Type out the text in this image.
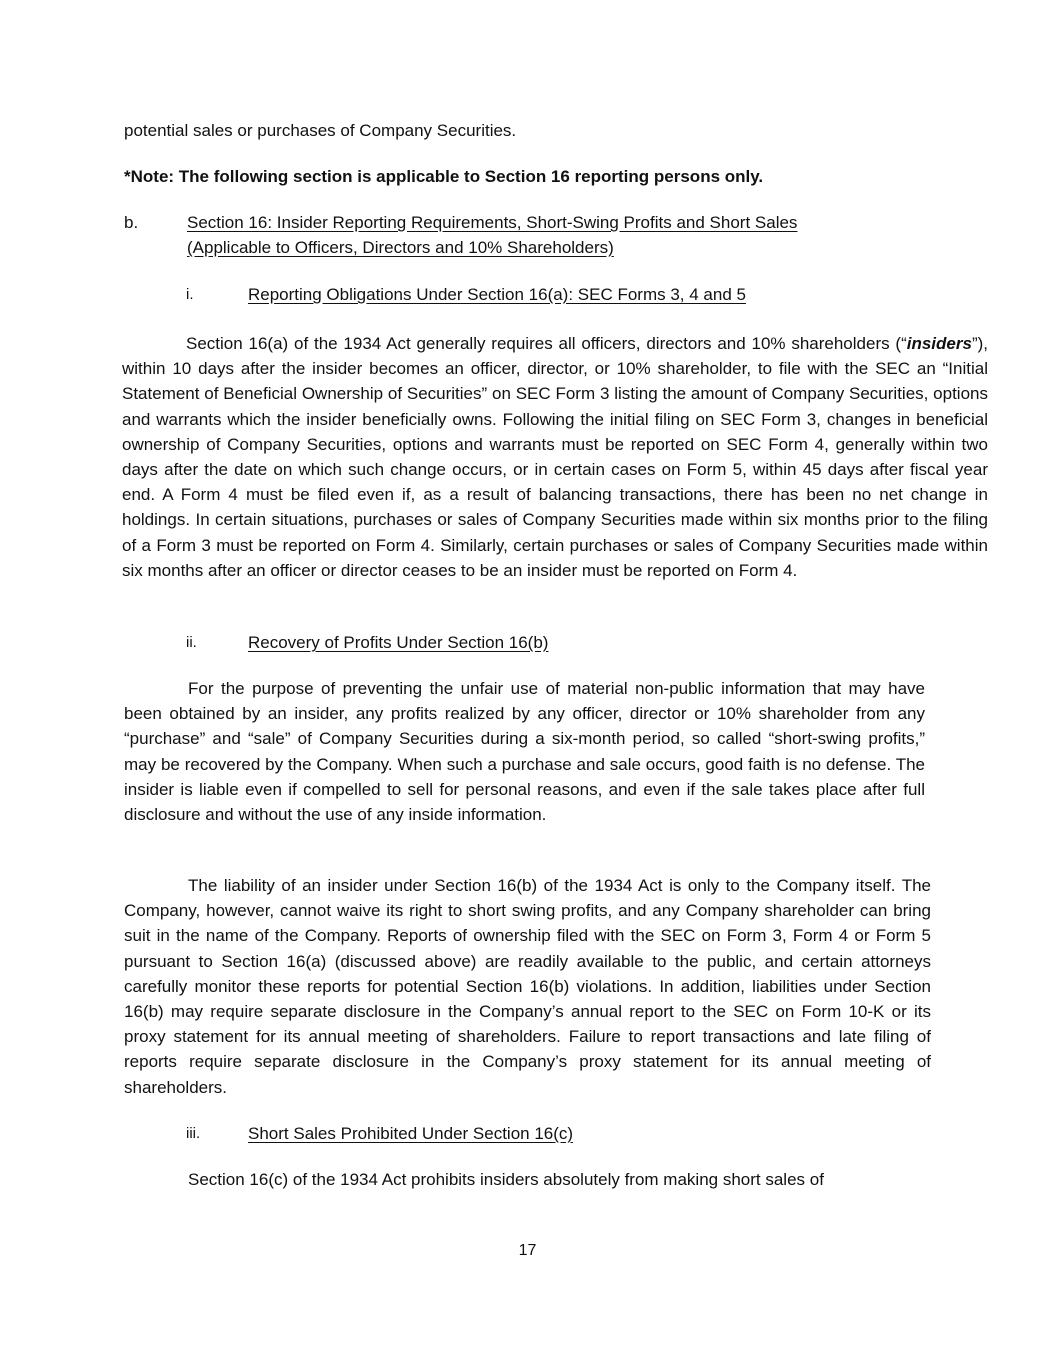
potential sales or purchases of Company Securities.

*Note: The following section is applicable to Section 16 reporting persons only.

b.	Section 16: Insider Reporting Requirements, Short-Swing Profits and Short Sales
(Applicable to Officers, Directors and 10% Shareholders)
i.	Reporting Obligations Under Section 16(a): SEC Forms 3, 4 and 5

Section 16(a) of the 1934 Act generally requires all officers, directors and 10% shareholders (“insiders”), within 10 days after the insider becomes an officer, director, or 10% shareholder, to file with the SEC an “Initial Statement of Beneficial Ownership of Securities” on SEC Form 3 listing the amount of Company Securities, options and warrants which the insider beneficially owns. Following the initial filing on SEC Form 3, changes in beneficial ownership of Company Securities, options and warrants must be reported on SEC Form 4, generally within two days after the date on which such change occurs, or in certain cases on Form 5, within 45 days after fiscal year end. A Form 4 must be filed even if, as a result of balancing transactions, there has been no net change in holdings. In certain situations, purchases or sales of Company Securities made within six months prior to the filing of a Form 3 must be reported on Form 4. Similarly, certain purchases or sales of Company Securities made within six months after an officer or director ceases to be an insider must be reported on Form 4.

ii.	Recovery of Profits Under Section 16(b)

For the purpose of preventing the unfair use of material non-public information that may have been obtained by an insider, any profits realized by any officer, director or 10% shareholder from any “purchase” and “sale” of Company Securities during a six-month period, so called “short-swing profits,” may be recovered by the Company. When such a purchase and sale occurs, good faith is no defense. The insider is liable even if compelled to sell for personal reasons, and even if the sale takes place after full disclosure and without the use of any inside information.

The liability of an insider under Section 16(b) of the 1934 Act is only to the Company itself. The Company, however, cannot waive its right to short swing profits, and any Company shareholder can bring suit in the name of the Company. Reports of ownership filed with the SEC on Form 3, Form 4 or Form 5 pursuant to Section 16(a) (discussed above) are readily available to the public, and certain attorneys carefully monitor these reports for potential Section 16(b) violations. In addition, liabilities under Section 16(b) may require separate disclosure in the Company’s annual report to the SEC on Form 10-K or its proxy statement for its annual meeting of shareholders. Failure to report transactions and late filing of reports require separate disclosure in the Company’s proxy statement for its annual meeting of shareholders.

iii.	Short Sales Prohibited Under Section 16(c)

Section 16(c) of the 1934 Act prohibits insiders absolutely from making short sales of

17
